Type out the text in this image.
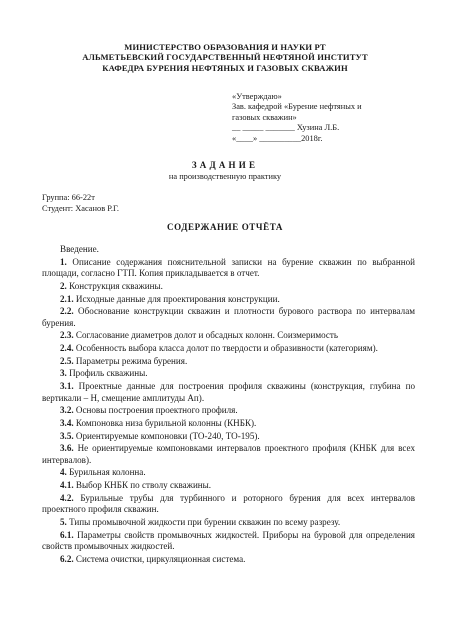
МИНИСТЕРСТВО ОБРАЗОВАНИЯ И НАУКИ РТ
АЛЬМЕТЬЕВСКИЙ ГОСУДАРСТВЕННЫЙ НЕФТЯНОЙ ИНСТИТУТ
КАФЕДРА БУРЕНИЯ НЕФТЯНЫХ И ГАЗОВЫХ СКВАЖИН
«Утверждаю»
Зав. кафедрой «Бурение нефтяных и
газовых скважин»
__ _____ _______ Хузина Л.Б.
«____» __________2018г.
ЗАДАНИЕ
на производственную практику
Группа: 66-22т
Студент: Хасанов Р.Г.
СОДЕРЖАНИЕ ОТЧЁТА
Введение.
1. Описание содержания пояснительной записки на бурение скважин по выбранной площади, согласно ГТП. Копия прикладывается в отчет.
2. Конструкция скважины.
2.1. Исходные данные для проектирования конструкции.
2.2. Обоснование конструкции скважин и плотности бурового раствора по интервалам бурения.
2.3. Согласование диаметров долот и обсадных колонн. Соизмеримость
2.4. Особенность выбора класса долот по твердости и образивности (категориям).
2.5. Параметры режима бурения.
3. Профиль скважины.
3.1. Проектные данные для построения профиля скважины (конструкция, глубина по вертикали – Н, смещение амплитуды Ап).
3.2. Основы построения проектного профиля.
3.4. Компоновка низа бурильной колонны (КНБК).
3.5. Ориентируемые компоновки (ТО-240, ТО-195).
3.6. Не ориентируемые компоновками интервалов проектного профиля (КНБК для всех интервалов).
4. Бурильная колонна.
4.1. Выбор КНБК по стволу скважины.
4.2. Бурильные трубы для турбинного и роторного бурения для всех интервалов проектного профиля скважин.
5. Типы промывочной жидкости при бурении скважин по всему разрезу.
6.1. Параметры свойств промывочных жидкостей. Приборы на буровой для определения свойств промывочных жидкостей.
6.2. Система очистки, циркуляционная система.
